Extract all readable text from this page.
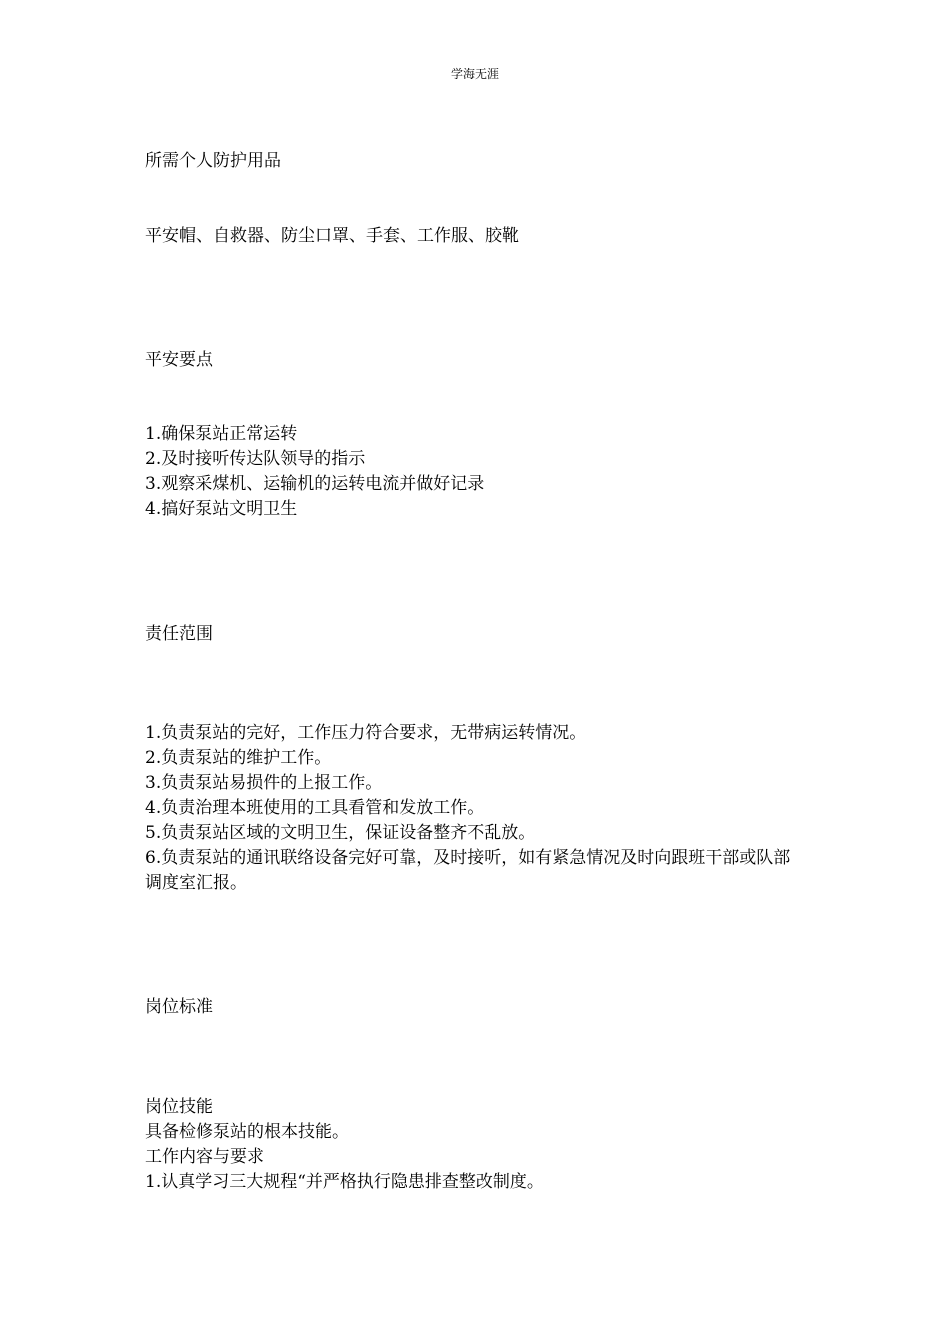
学海无涯
所需个人防护用品
平安帽、自救器、防尘口罩、手套、工作服、胶靴
平安要点
1.确保泵站正常运转
2.及时接听传达队领导的指示
3.观察采煤机、运输机的运转电流并做好记录
4.搞好泵站文明卫生
责任范围
1.负责泵站的完好，工作压力符合要求，无带病运转情况。
2.负责泵站的维护工作。
3.负责泵站易损件的上报工作。
4.负责治理本班使用的工具看管和发放工作。
5.负责泵站区域的文明卫生，保证设备整齐不乱放。
6.负责泵站的通讯联络设备完好可靠，及时接听，如有紧急情况及时向跟班干部或队部调度室汇报。
岗位标准
岗位技能
具备检修泵站的根本技能。
工作内容与要求
1.认真学习三大规程“并严格执行隐患排查整改制度。
